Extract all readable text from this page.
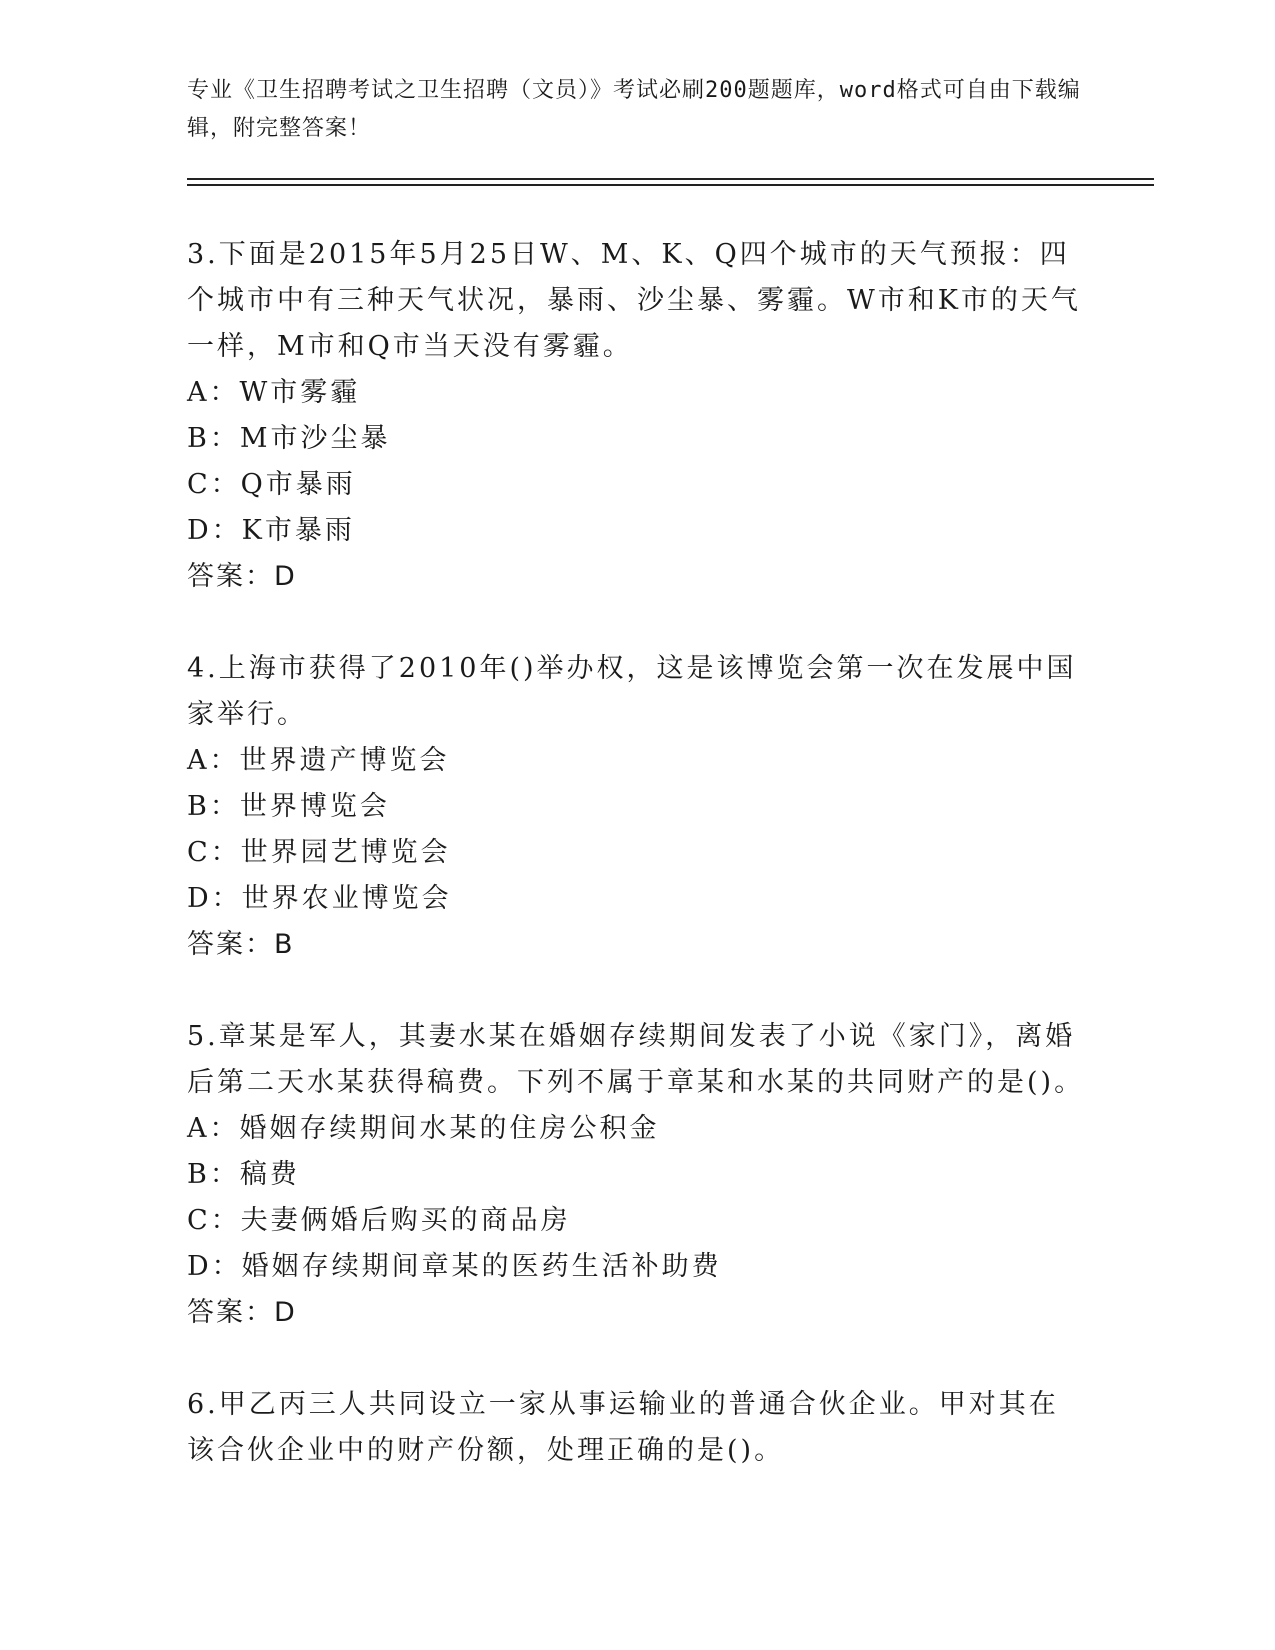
专业《卫生招聘考试之卫生招聘（文员）》考试必刷200题题库，word格式可自由下载编辑，附完整答案！

3.下面是2015年5月25日W、M、K、Q四个城市的天气预报：四个城市中有三种天气状况，暴雨、沙尘暴、雾霾。W市和K市的天气一样，M市和Q市当天没有雾霾。

A：W市雾霾

B：M市沙尘暴

C：Q市暴雨

D：K市暴雨

答案：D

4.上海市获得了2010年()举办权，这是该博览会第一次在发展中国家举行。

A：世界遗产博览会

B：世界博览会

C：世界园艺博览会

D：世界农业博览会

答案：B

5.章某是军人，其妻水某在婚姻存续期间发表了小说《家门》，离婚后第二天水某获得稿费。下列不属于章某和水某的共同财产的是()。

A：婚姻存续期间水某的住房公积金

B：稿费

C：夫妻俩婚后购买的商品房

D：婚姻存续期间章某的医药生活补助费

答案：D

6.甲乙丙三人共同设立一家从事运输业的普通合伙企业。甲对其在该合伙企业中的财产份额，处理正确的是()。
